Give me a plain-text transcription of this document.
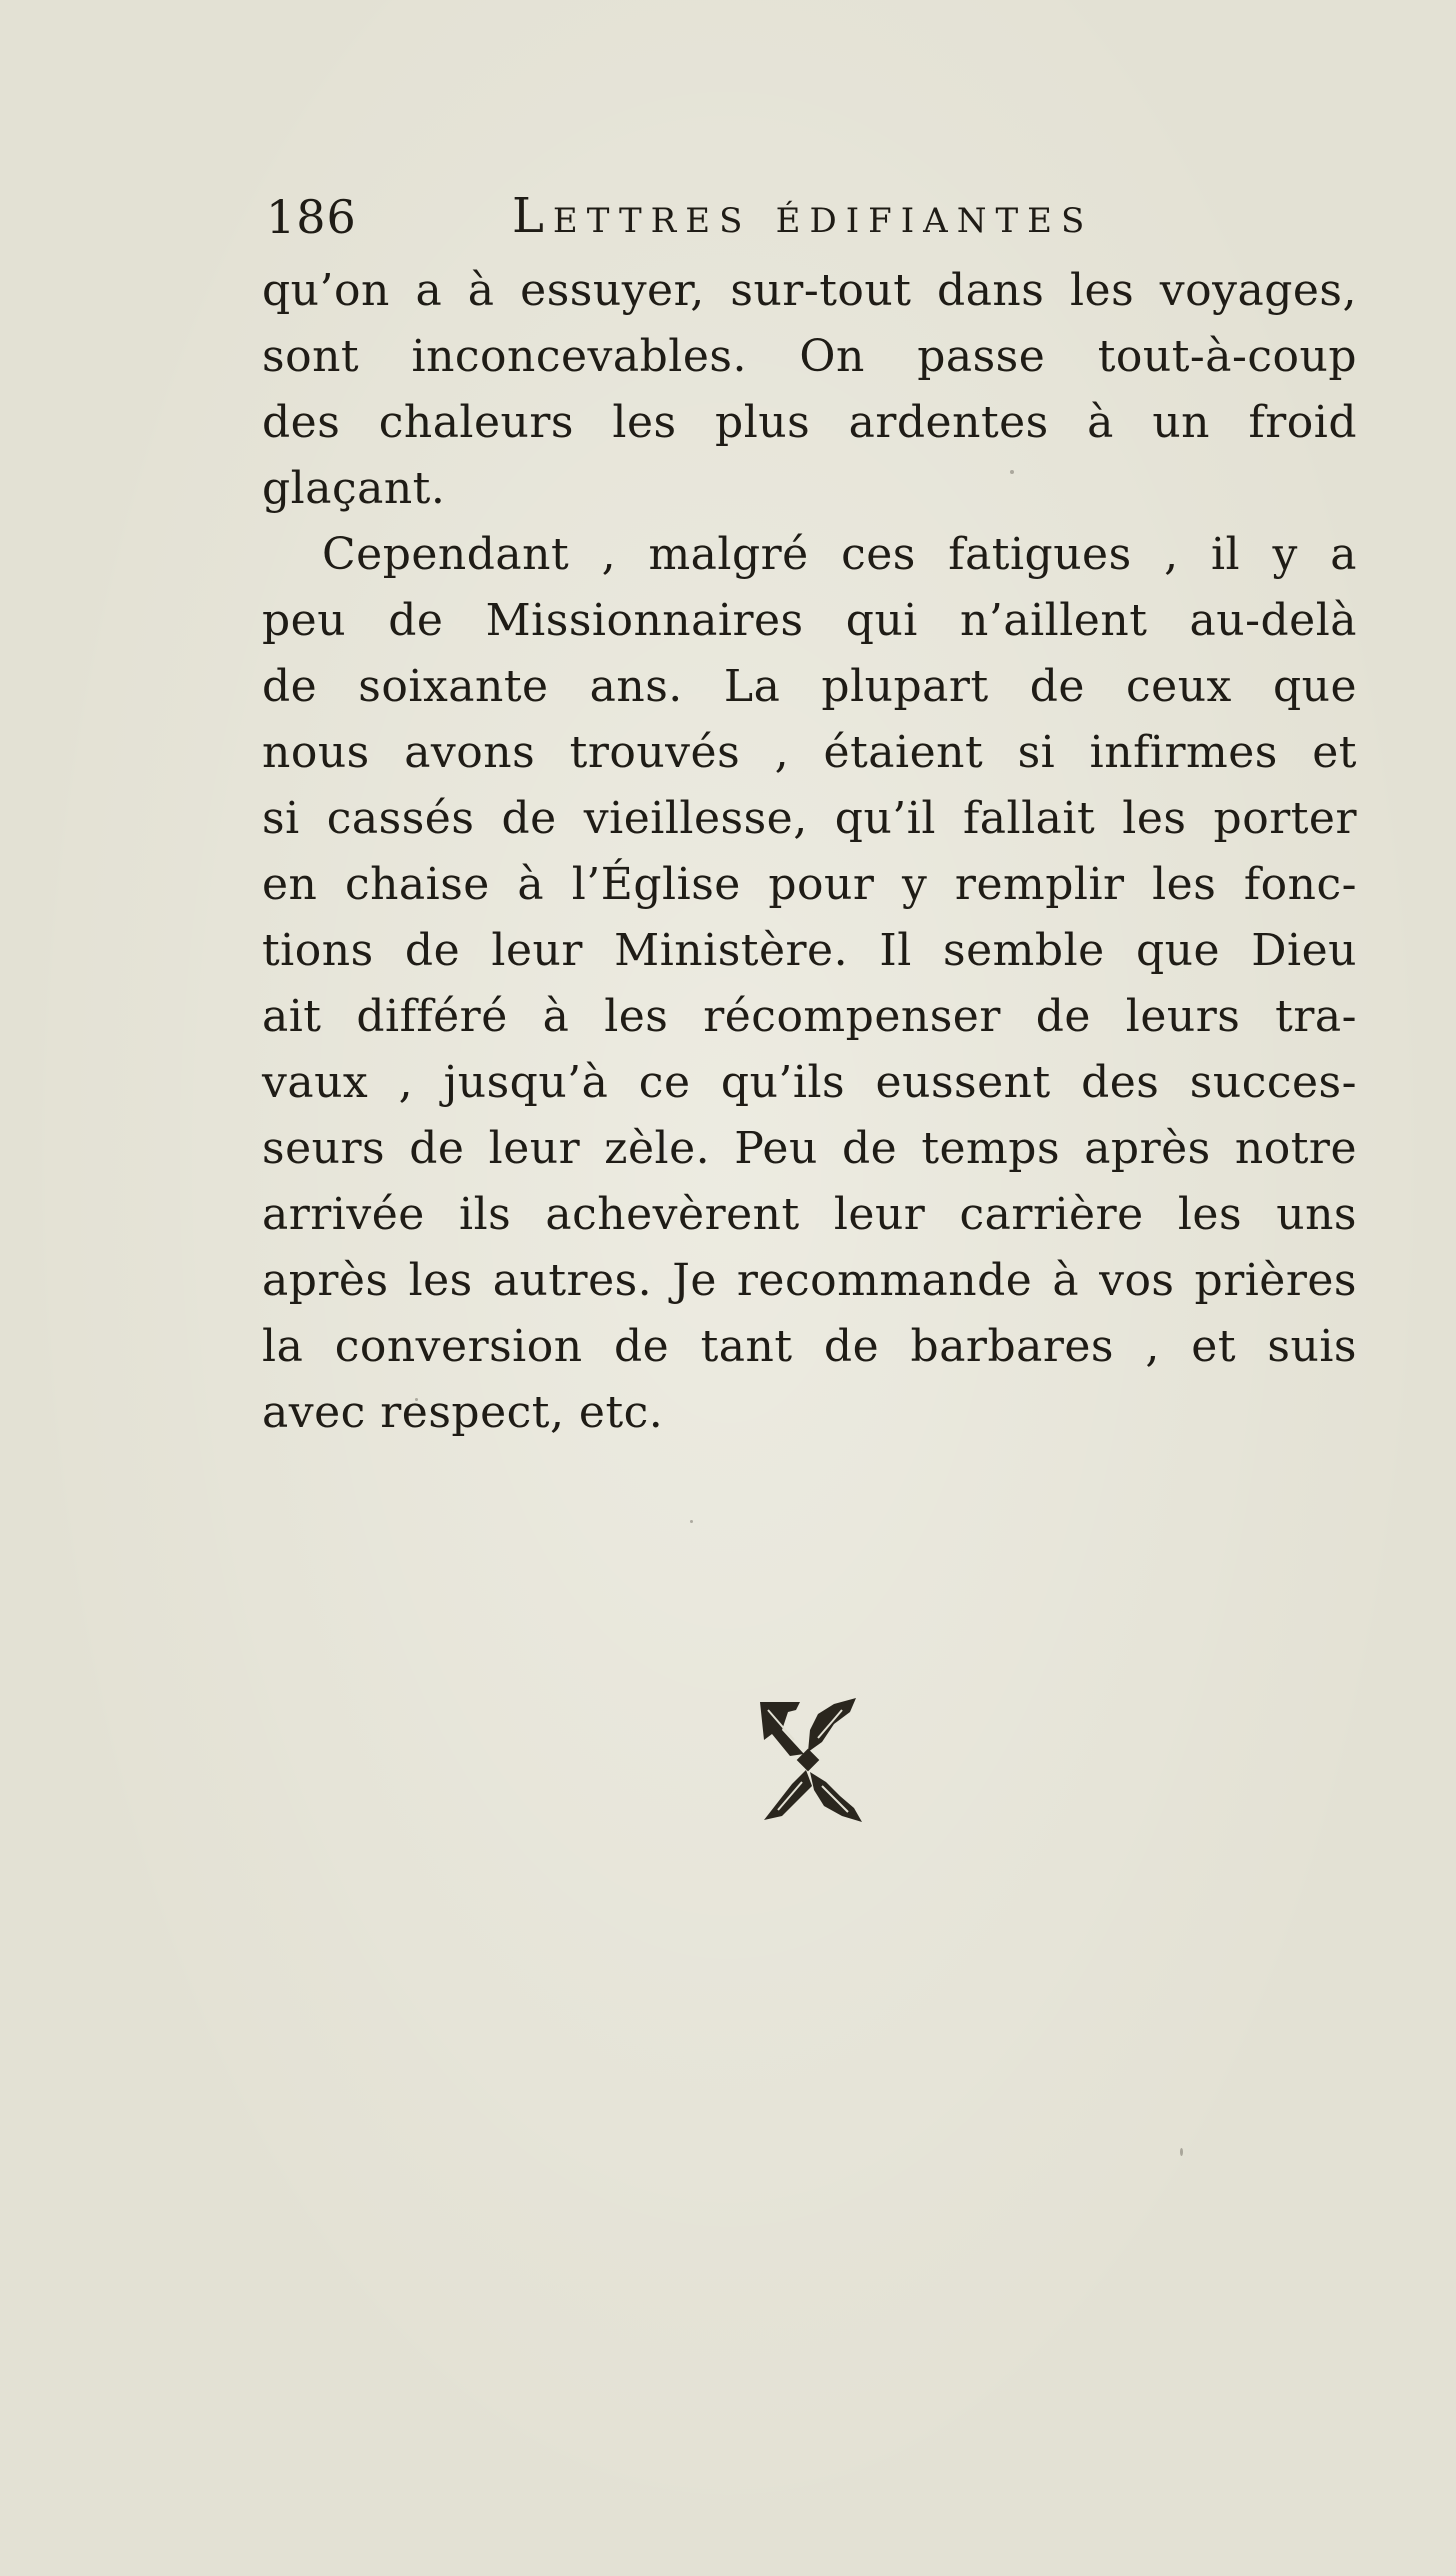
186	Lettres édifiantes
qu’on a à essuyer, sur-tout dans les voyages,
sont inconcevables. On passe tout-à-coup
des chaleurs les plus ardentes à un froid
glaçant.
Cependant , malgré ces fatigues , il y a
peu de Missionnaires qui n’aillent au-delà
de soixante ans. La plupart de ceux que
nous avons trouvés , étaient si infirmes et
si cassés de vieillesse, qu’il fallait les porter
en chaise à l’Église pour y remplir les fonc-
tions de leur Ministère. Il semble que Dieu
ait différé à les récompenser de leurs tra-
vaux , jusqu’à ce qu’ils eussent des succes-
seurs de leur zèle. Peu de temps après notre
arrivée ils achevèrent leur carrière les uns
après les autres. Je recommande à vos prières
la conversion de tant de barbares , et suis
avec respect, etc.
